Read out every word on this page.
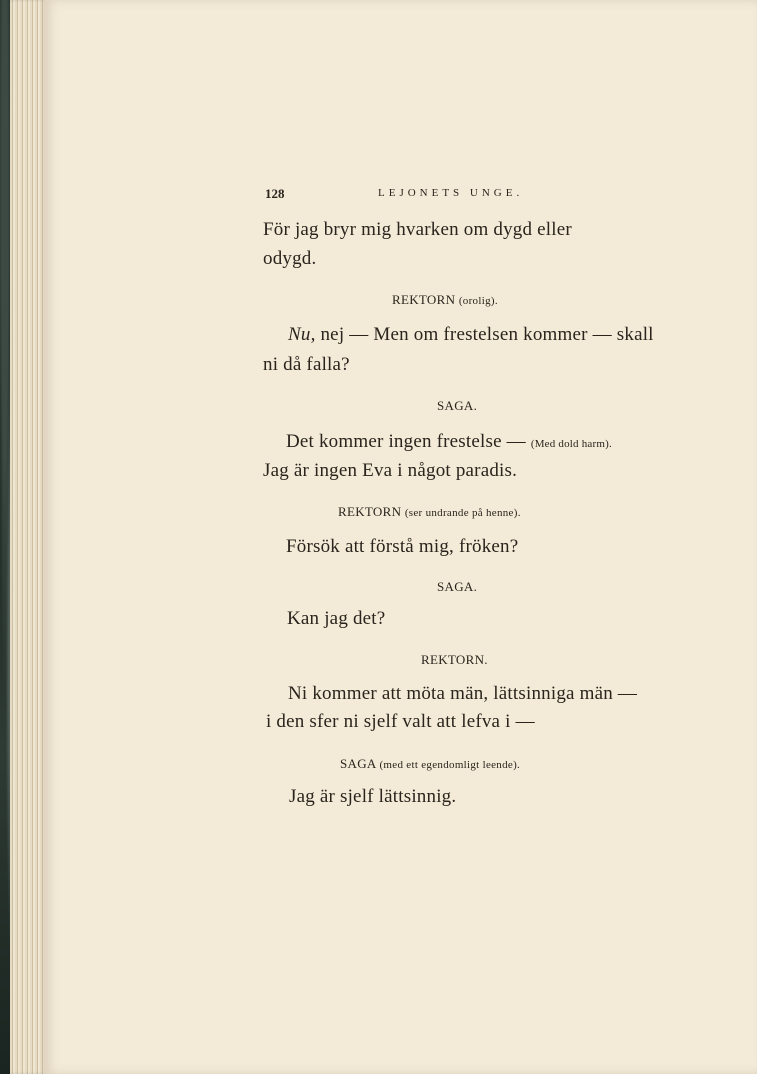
128	LEJONETS UNGE.
För jag bryr mig hvarken om dygd eller
odygd.
REKTORN (orolig).
Nu, nej — Men om frestelsen kommer — skall
ni då falla?
SAGA.
Det kommer ingen frestelse — (Med dold harm).
Jag är ingen Eva i något paradis.
REKTORN (ser undrande på henne).
Försök att förstå mig, fröken?
SAGA.
Kan jag det?
REKTORN.
Ni kommer att möta män, lättsinniga män —
i den sfer ni sjelf valt att lefva i —
SAGA (med ett egendomligt leende).
Jag är sjelf lättsinnig.
